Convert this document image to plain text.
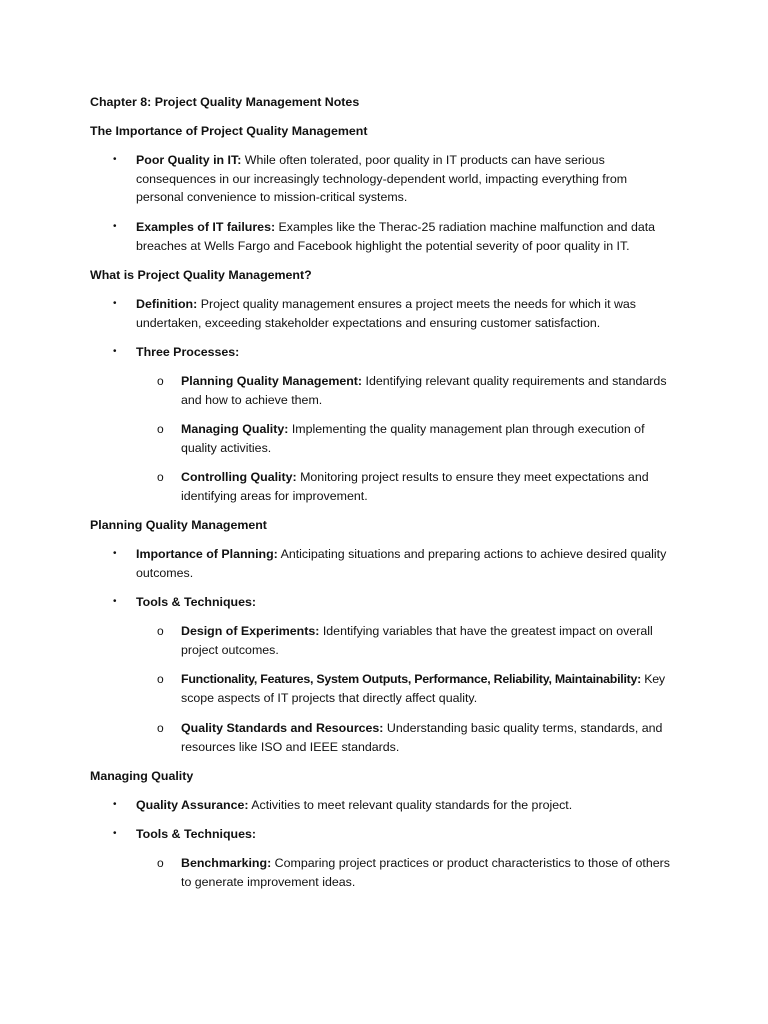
Chapter 8: Project Quality Management Notes
The Importance of Project Quality Management
• Poor Quality in IT: While often tolerated, poor quality in IT products can have serious
consequences in our increasingly technology-dependent world, impacting everything from
personal convenience to mission-critical systems.
• Examples of IT failures: Examples like the Therac-25 radiation machine malfunction and data
breaches at Wells Fargo and Facebook highlight the potential severity of poor quality in IT.
What is Project Quality Management?
• Definition: Project quality management ensures a project meets the needs for which it was
undertaken, exceeding stakeholder expectations and ensuring customer satisfaction.
• Three Processes:
o Planning Quality Management: Identifying relevant quality requirements and standards
and how to achieve them.
o Managing Quality: Implementing the quality management plan through execution of
quality activities.
o Controlling Quality: Monitoring project results to ensure they meet expectations and
identifying areas for improvement.
Planning Quality Management
• Importance of Planning: Anticipating situations and preparing actions to achieve desired quality
outcomes.
• Tools & Techniques:
o Design of Experiments: Identifying variables that have the greatest impact on overall
project outcomes.
o Functionality, Features, System Outputs, Performance, Reliability, Maintainability: Key
scope aspects of IT projects that directly affect quality.
o Quality Standards and Resources: Understanding basic quality terms, standards, and
resources like ISO and IEEE standards.
Managing Quality
• Quality Assurance: Activities to meet relevant quality standards for the project.
• Tools & Techniques:
o Benchmarking: Comparing project practices or product characteristics to those of others
to generate improvement ideas.
